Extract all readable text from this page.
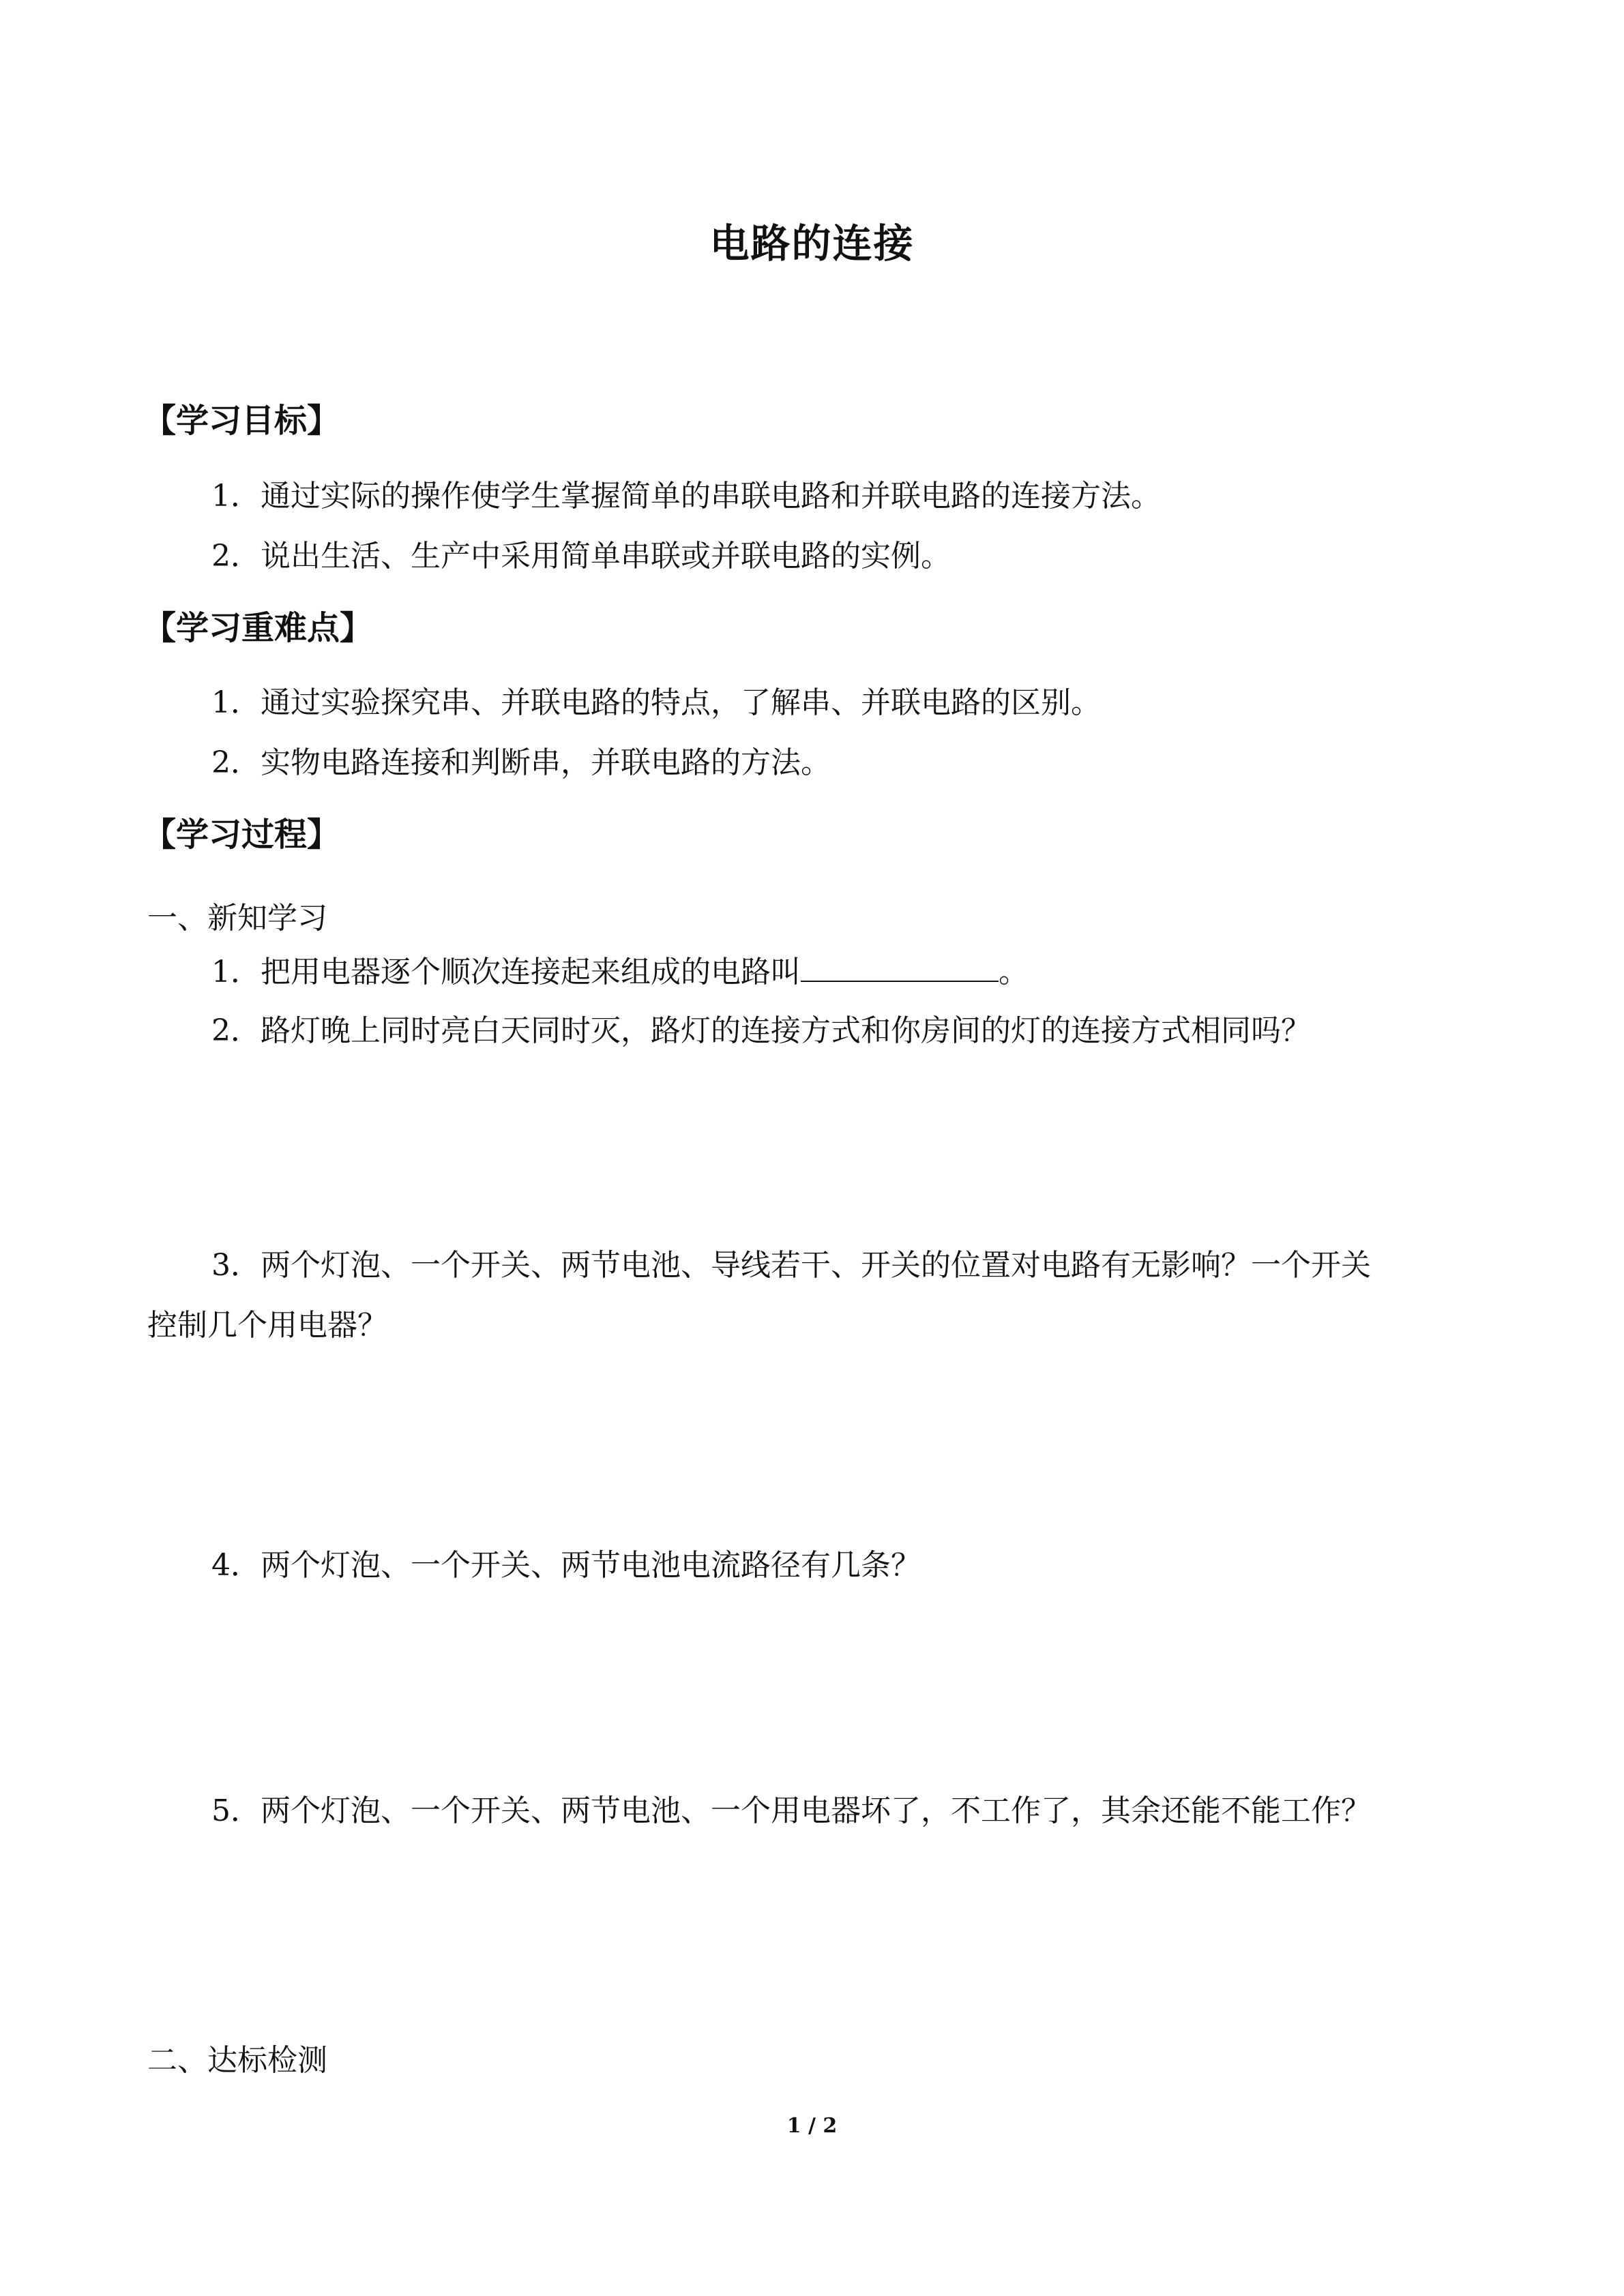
电路的连接
【学习目标】
1．通过实际的操作使学生掌握简单的串联电路和并联电路的连接方法。
2．说出生活、生产中采用简单串联或并联电路的实例。
【学习重难点】
1．通过实验探究串、并联电路的特点，了解串、并联电路的区别。
2．实物电路连接和判断串，并联电路的方法。
【学习过程】
一、新知学习
1．把用电器逐个顺次连接起来组成的电路叫	。
2．路灯晚上同时亮白天同时灭，路灯的连接方式和你房间的灯的连接方式相同吗？
3．两个灯泡、一个开关、两节电池、导线若干、开关的位置对电路有无影响？一个开关
控制几个用电器？
4．两个灯泡、一个开关、两节电池电流路径有几条？
5．两个灯泡、一个开关、两节电池、一个用电器坏了，不工作了，其余还能不能工作？
二、达标检测
1 / 2
